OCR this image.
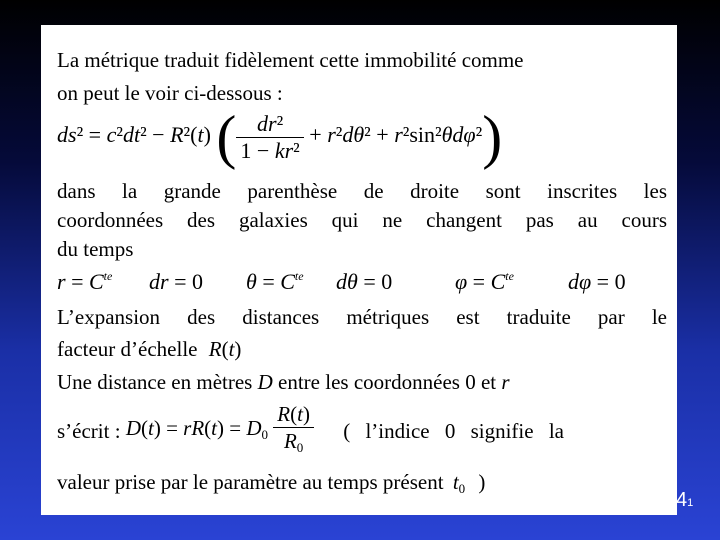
La métrique traduit fidèlement cette immobilité comme
on peut le voir ci-dessous :
ds² = c²dt² − R²(t) ( $\frac{\text{dr²}}{\text{1 − kr²}} + r^2d\theta^2 + r^2\sin^2\theta d\varphi^2$)
dans la grande parenthèse de droite sont inscrites les
coordonnées des galaxies qui ne changent pas au cours
du temps
$r = C^{te}$ dr = 0 $\theta = C^{te}$ dθ = 0	$\varphi = C^{te}$ dφ = 0
L’expansion des distances métriques est traduite par le
facteur d’échelle R(t)
Une distance en mètres D entre les coordonnées 0 et r
s’écrit : $D(t) = rR(t) = D_0 \frac{R(t)}{R_0}$ ( l’indice 0 signifie la
valeur prise par le paramètre au temps présent $t_0$ )
41
